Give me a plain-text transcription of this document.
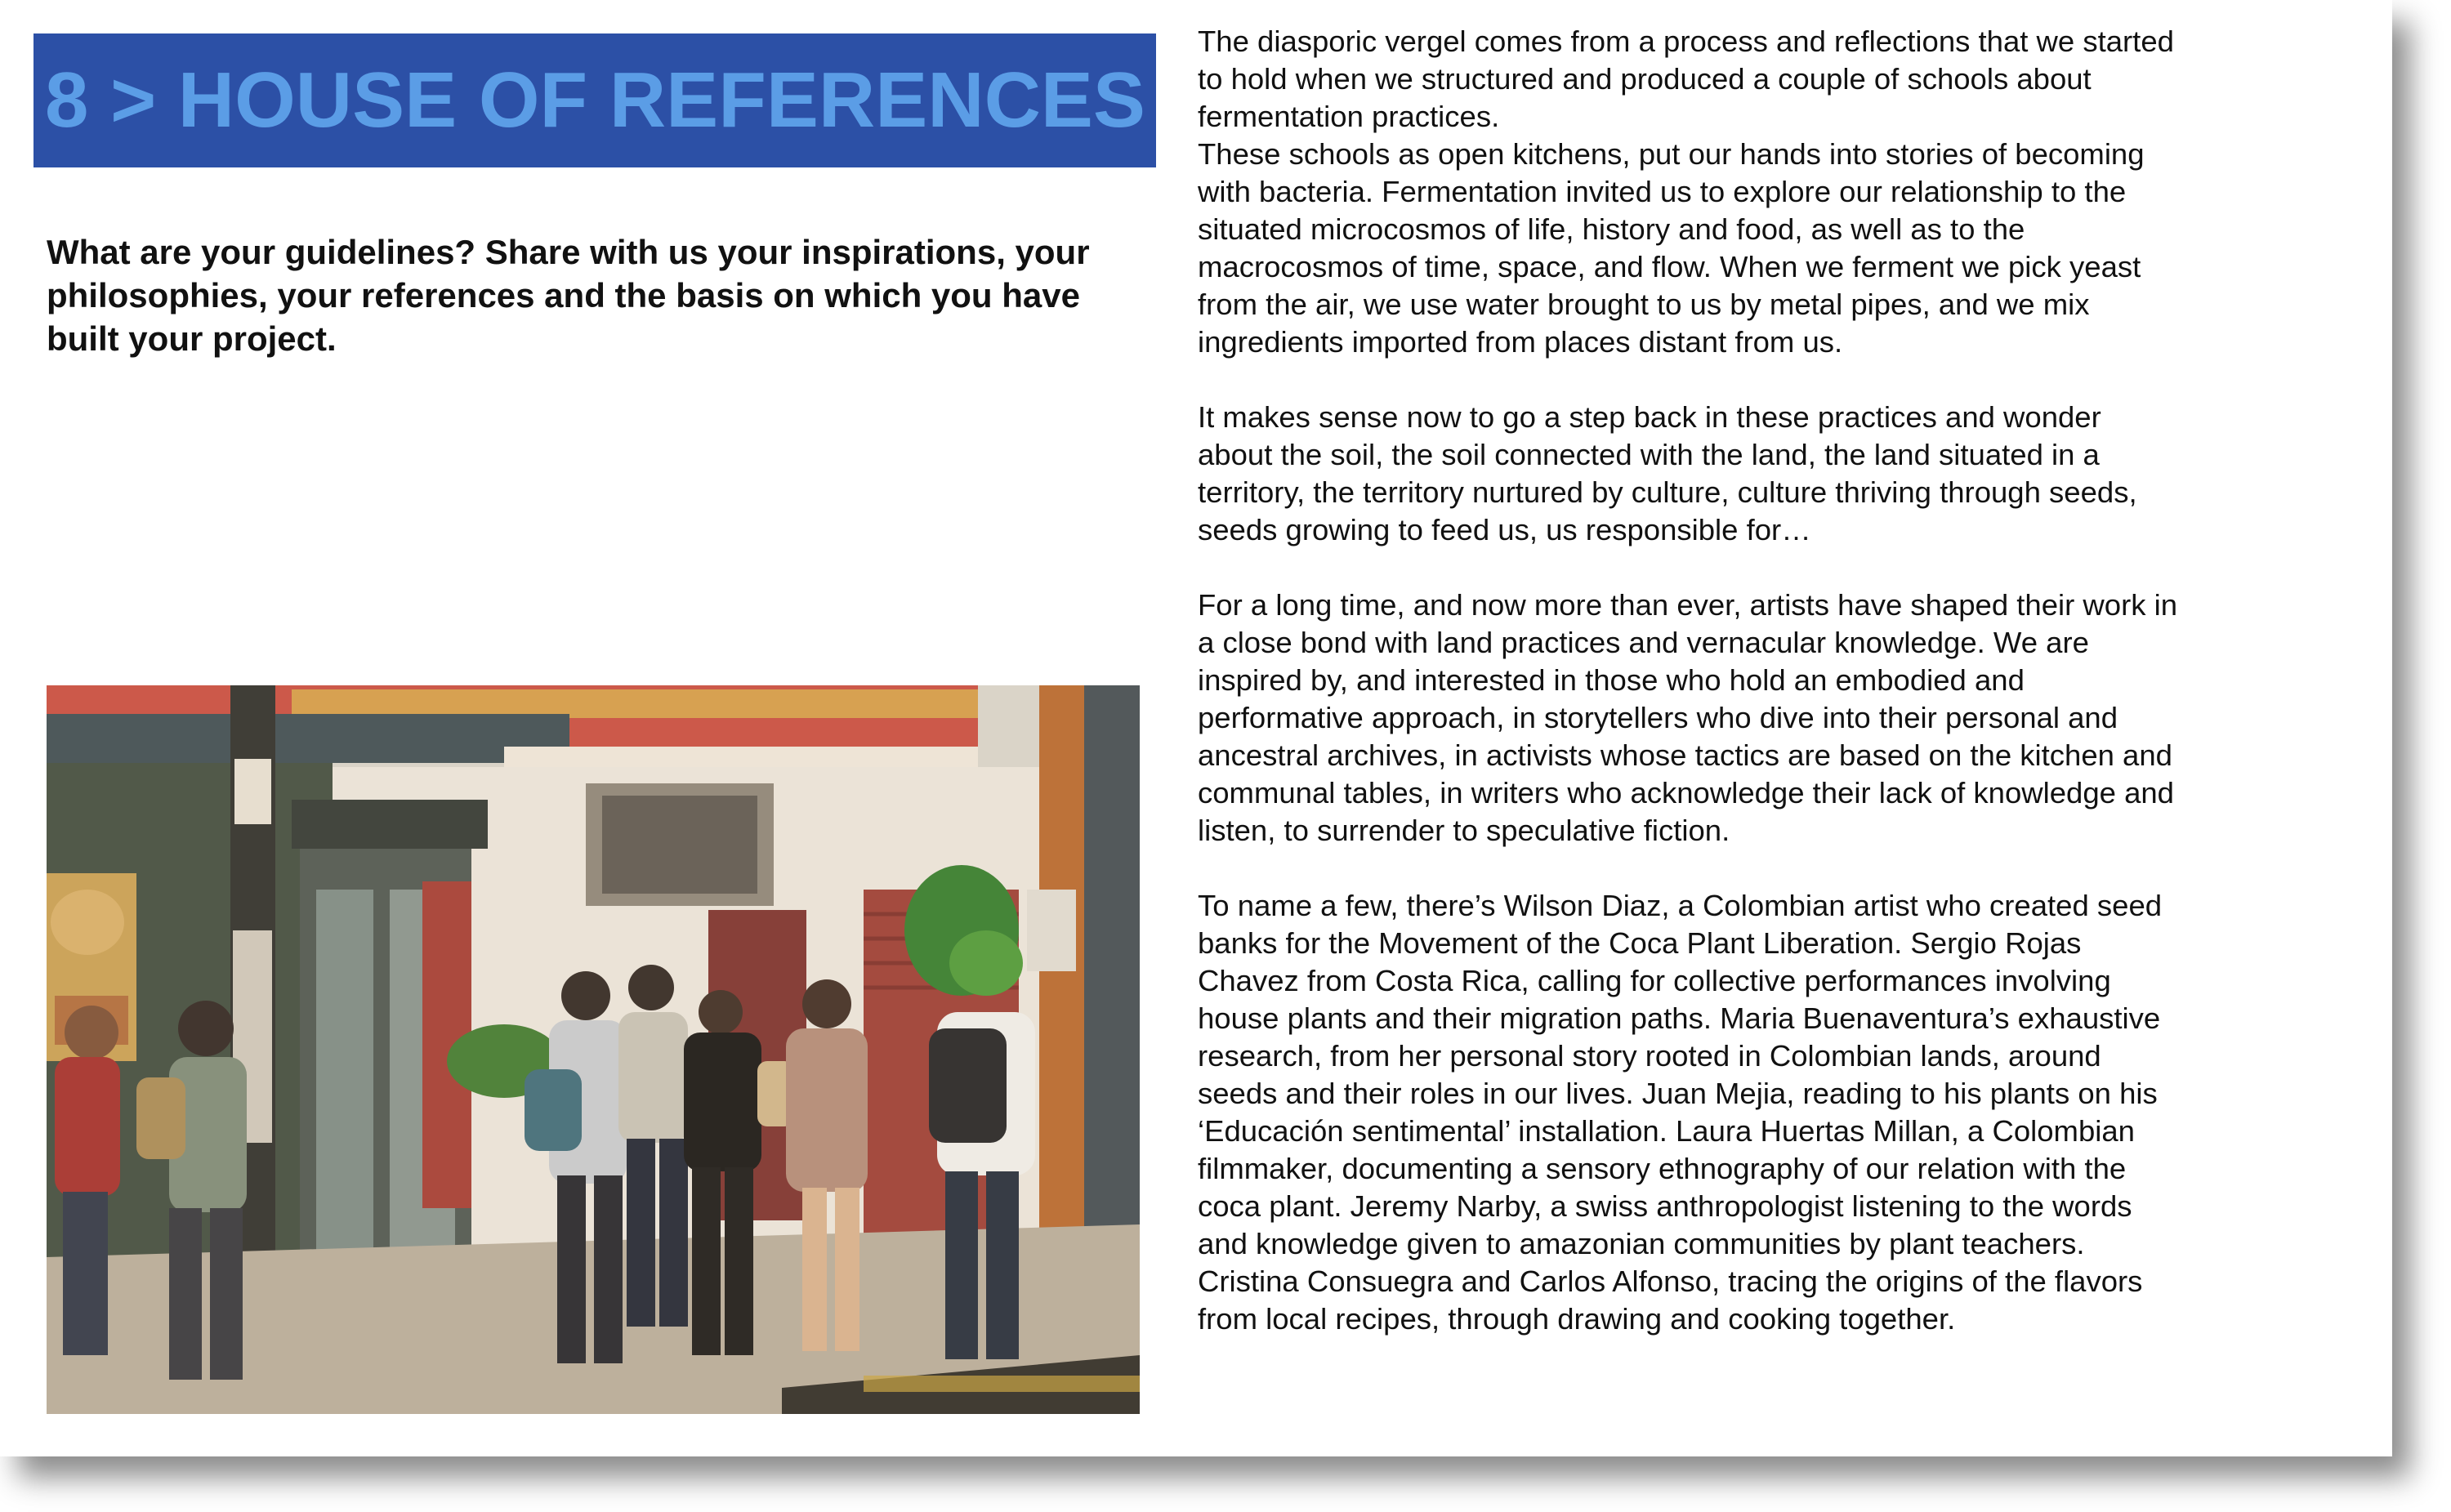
8 > HOUSE OF REFERENCES
What are your guidelines? Share with us your inspirations, your philosophies, your references and the basis on which you have built your project.

The diasporic vergel comes from a process and reflections that we started to hold when we structured and produced a couple of schools about fermentation practices.

These schools as open kitchens, put our hands into stories of becoming with bacteria. Fermentation invited us to explore our relationship to the situated microcosmos of life, history and food, as well as to the macrocosmos of time, space, and flow. When we ferment we pick yeast from the air, we use water brought to us by metal pipes, and we mix ingredients imported from places distant from us.

It makes sense now to go a step back in these practices and wonder about the soil, the soil connected with the land, the land situated in a territory, the territory nurtured by culture, culture thriving through seeds, seeds growing to feed us, us responsible for…

For a long time, and now more than ever, artists have shaped their work in a close bond with land practices and vernacular knowledge. We are inspired by, and interested in those who hold an embodied and performative approach, in storytellers who dive into their personal and ancestral archives, in activists whose tactics are based on the kitchen and communal tables, in writers who acknowledge their lack of knowledge and listen, to surrender to speculative fiction.

To name a few, there’s Wilson Diaz, a Colombian artist who created seed banks for the Movement of the Coca Plant Liberation. Sergio Rojas Chavez from Costa Rica, calling for collective performances involving house plants and their migration paths. Maria Buenaventura’s exhaustive research, from her personal story rooted in Colombian lands, around seeds and their roles in our lives. Juan Mejia, reading to his plants on his ‘Educación sentimental’ installation. Laura Huertas Millan, a Colombian filmmaker, documenting a sensory ethnography of our relation with the coca plant. Jeremy Narby, a swiss anthropologist listening to the words and knowledge given to amazonian communities by plant teachers. Cristina Consuegra and Carlos Alfonso, tracing the origins of the flavors from local recipes, through drawing and cooking together.
